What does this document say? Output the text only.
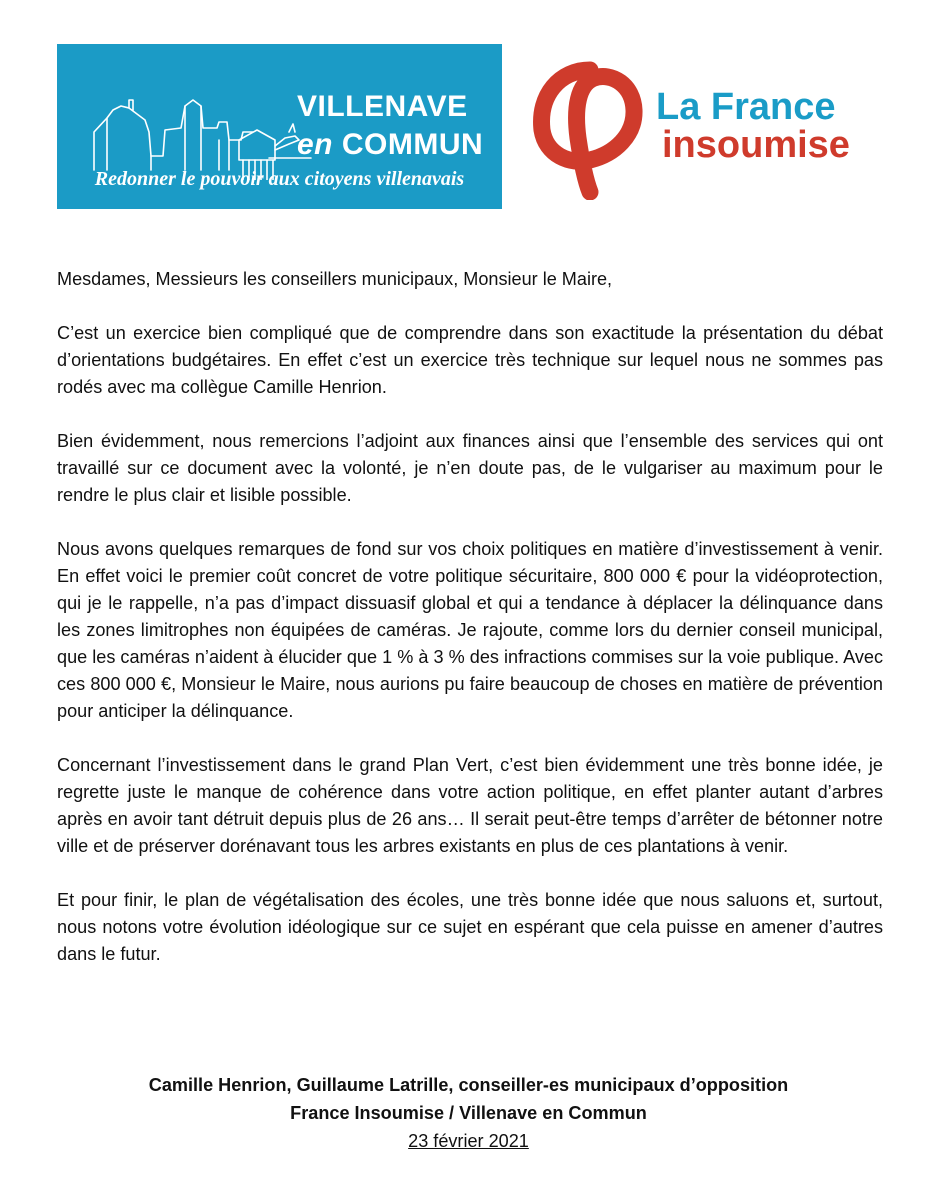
VILLENAVE
en COMMUN
Redonner le pouvoir aux citoyens villenavais
La France
insoumise

Mesdames, Messieurs les conseillers municipaux, Monsieur le Maire,

C’est un exercice bien compliqué que de comprendre dans son exactitude la présentation du débat d’orientations budgétaires. En effet c’est un exercice très technique sur lequel nous ne sommes pas rodés avec ma collègue Camille Henrion.

Bien évidemment, nous remercions l’adjoint aux finances ainsi que l’ensemble des services qui ont travaillé sur ce document avec la volonté, je n’en doute pas, de le vulgariser au maximum pour le rendre le plus clair et lisible possible.

Nous avons quelques remarques de fond sur vos choix politiques en matière d’investissement à venir. En effet voici le premier coût concret de votre politique sécuritaire, 800 000 € pour la vidéoprotection, qui je le rappelle, n’a pas d’impact dissuasif global et qui a tendance à déplacer la délinquance dans les zones limitrophes non équipées de caméras. Je rajoute, comme lors du dernier conseil municipal, que les caméras n’aident à élucider que 1 % à 3 % des infractions commises sur la voie publique. Avec ces 800 000 €, Monsieur le Maire, nous aurions pu faire beaucoup de choses en matière de prévention pour anticiper la délinquance.

Concernant l’investissement dans le grand Plan Vert, c’est bien évidemment une très bonne idée, je regrette juste le manque de cohérence dans votre action politique, en effet planter autant d’arbres après en avoir tant détruit depuis plus de 26 ans… Il serait peut-être temps d’arrêter de bétonner notre ville et de préserver dorénavant tous les arbres existants en plus de ces plantations à venir.

Et pour finir, le plan de végétalisation des écoles, une très bonne idée que nous saluons et, surtout, nous notons votre évolution idéologique sur ce sujet en espérant que cela puisse en amener d’autres dans le futur.

Camille Henrion, Guillaume Latrille, conseiller-es municipaux d’opposition
France Insoumise / Villenave en Commun
23 février 2021
